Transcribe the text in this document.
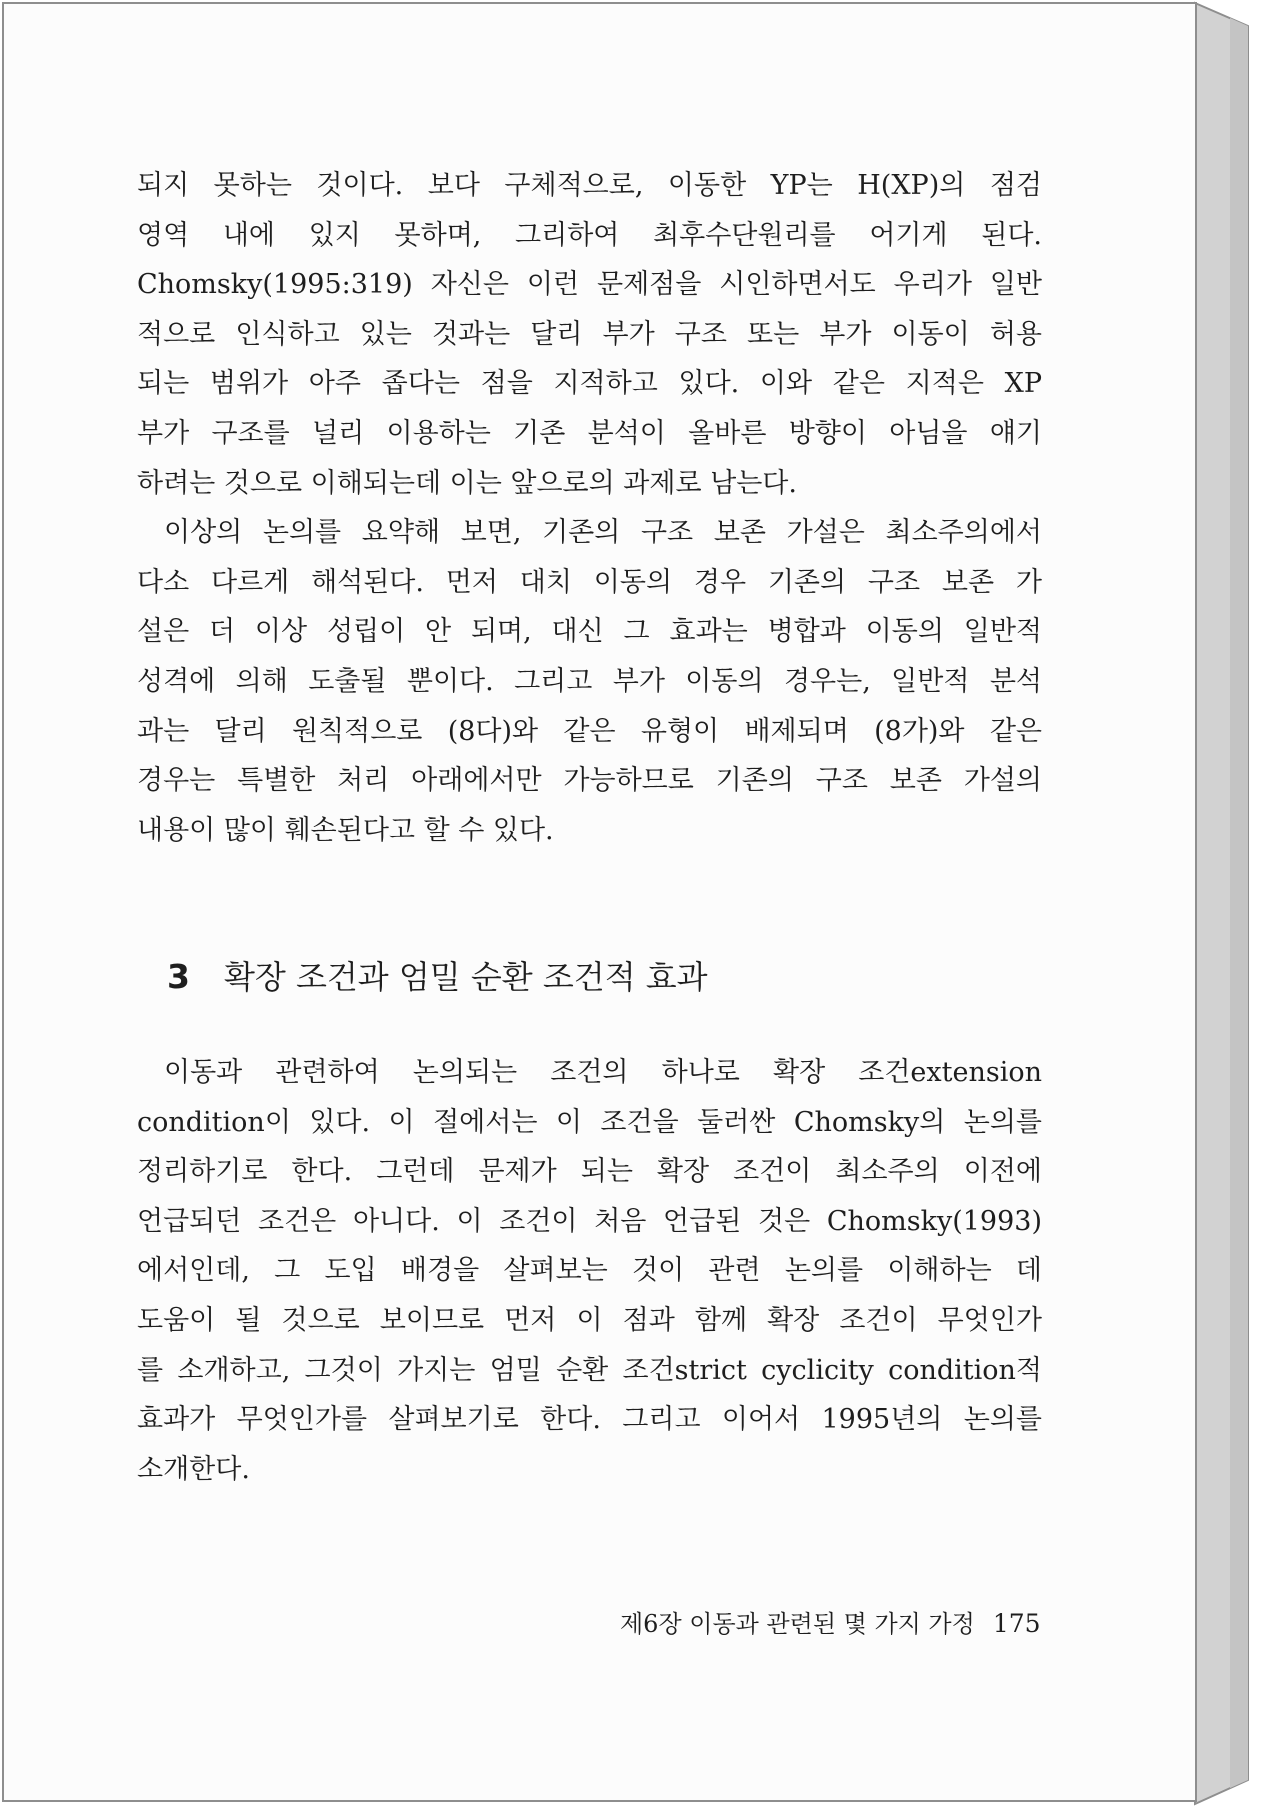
되지 못하는 것이다. 보다 구체적으로, 이동한 YP는 H(XP)의 점검
영역 내에 있지 못하며, 그리하여 최후수단원리를 어기게 된다.
Chomsky(1995:319) 자신은 이런 문제점을 시인하면서도 우리가 일반
적으로 인식하고 있는 것과는 달리 부가 구조 또는 부가 이동이 허용
되는 범위가 아주 좁다는 점을 지적하고 있다. 이와 같은 지적은 XP
부가 구조를 널리 이용하는 기존 분석이 올바른 방향이 아님을 얘기
하려는 것으로 이해되는데 이는 앞으로의 과제로 남는다.

이상의 논의를 요약해 보면, 기존의 구조 보존 가설은 최소주의에서
다소 다르게 해석된다. 먼저 대치 이동의 경우 기존의 구조 보존 가
설은 더 이상 성립이 안 되며, 대신 그 효과는 병합과 이동의 일반적
성격에 의해 도출될 뿐이다. 그리고 부가 이동의 경우는, 일반적 분석
과는 달리 원칙적으로 (8다)와 같은 유형이 배제되며 (8가)와 같은
경우는 특별한 처리 아래에서만 가능하므로 기존의 구조 보존 가설의
내용이 많이 훼손된다고 할 수 있다.

3 확장 조건과 엄밀 순환 조건적 효과

이동과 관련하여 논의되는 조건의 하나로 확장 조건extension
condition이 있다. 이 절에서는 이 조건을 둘러싼 Chomsky의 논의를
정리하기로 한다. 그런데 문제가 되는 확장 조건이 최소주의 이전에
언급되던 조건은 아니다. 이 조건이 처음 언급된 것은 Chomsky(1993)
에서인데, 그 도입 배경을 살펴보는 것이 관련 논의를 이해하는 데
도움이 될 것으로 보이므로 먼저 이 점과 함께 확장 조건이 무엇인가
를 소개하고, 그것이 가지는 엄밀 순환 조건strict cyclicity condition적
효과가 무엇인가를 살펴보기로 한다. 그리고 이어서 1995년의 논의를
소개한다.

제6장 이동과 관련된 몇 가지 가정 175
